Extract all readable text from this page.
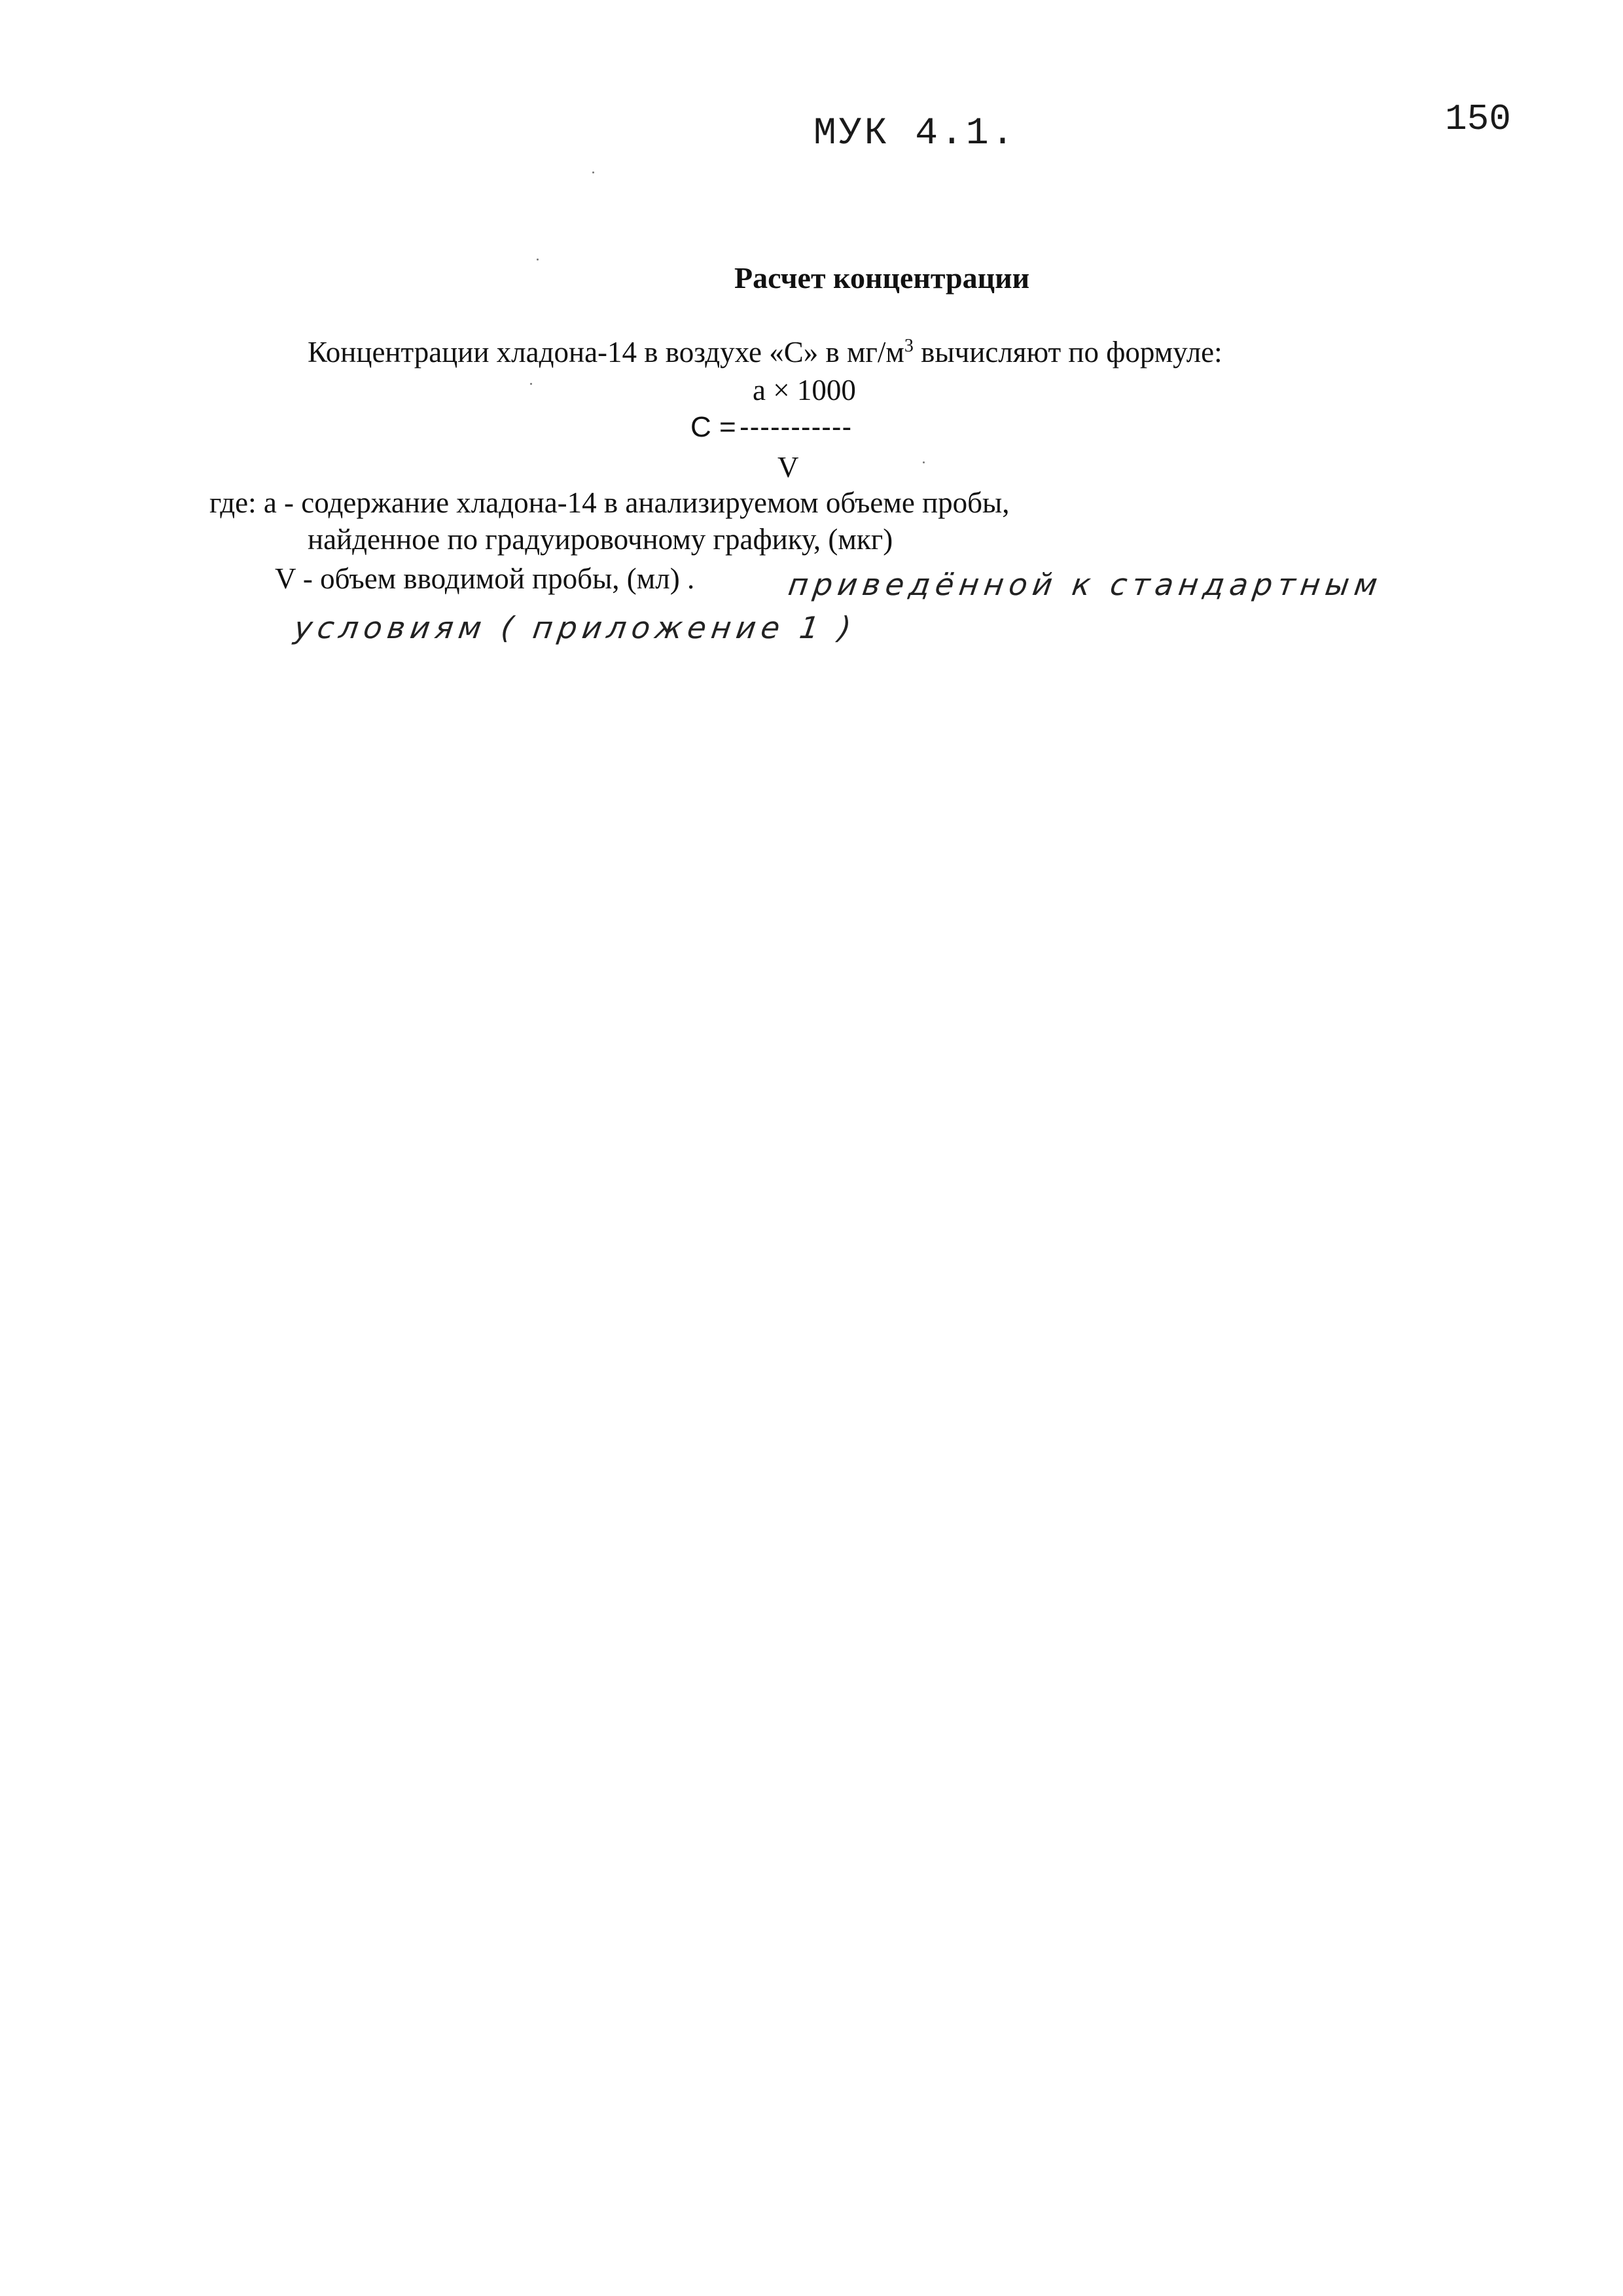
МУК 4.1.	150
Расчет концентрации
Концентрации хладона-14 в воздухе «С» в $мг/м^3$ вычисляют по формуле:
a × 1000
C = -----------
V
где: а - содержание хладона-14 в анализируемом объеме пробы,
найденное по градуировочному графику, (мкг)
V - объем вводимой пробы, (мл) .	приведённой к стандартным
условиям ( приложение 1 )
